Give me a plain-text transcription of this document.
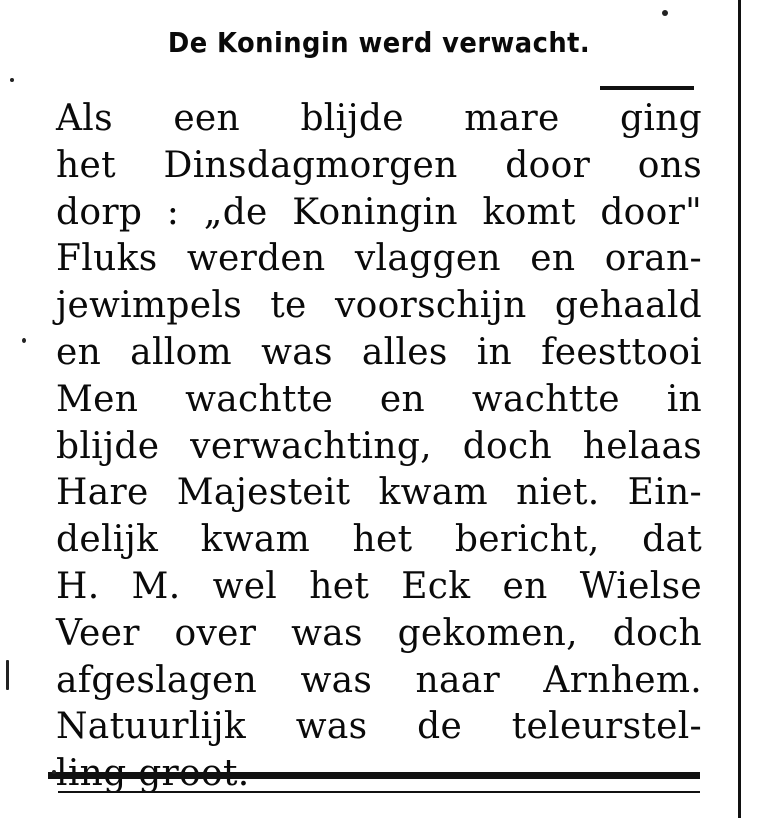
De Koningin werd verwacht.
Als een blijde mare ging
het Dinsdagmorgen door ons
dorp : „de Koningin komt door"
Fluks werden vlaggen en oran-
jewimpels te voorschijn gehaald
en allom was alles in feesttooi
Men wachtte en wachtte in
blijde verwachting, doch helaas
Hare Majesteit kwam niet. Ein-
delijk kwam het bericht, dat
H. M. wel het Eck en Wielse
Veer over was gekomen, doch
afgeslagen was naar Arnhem.
Natuurlijk was de teleurstel-
